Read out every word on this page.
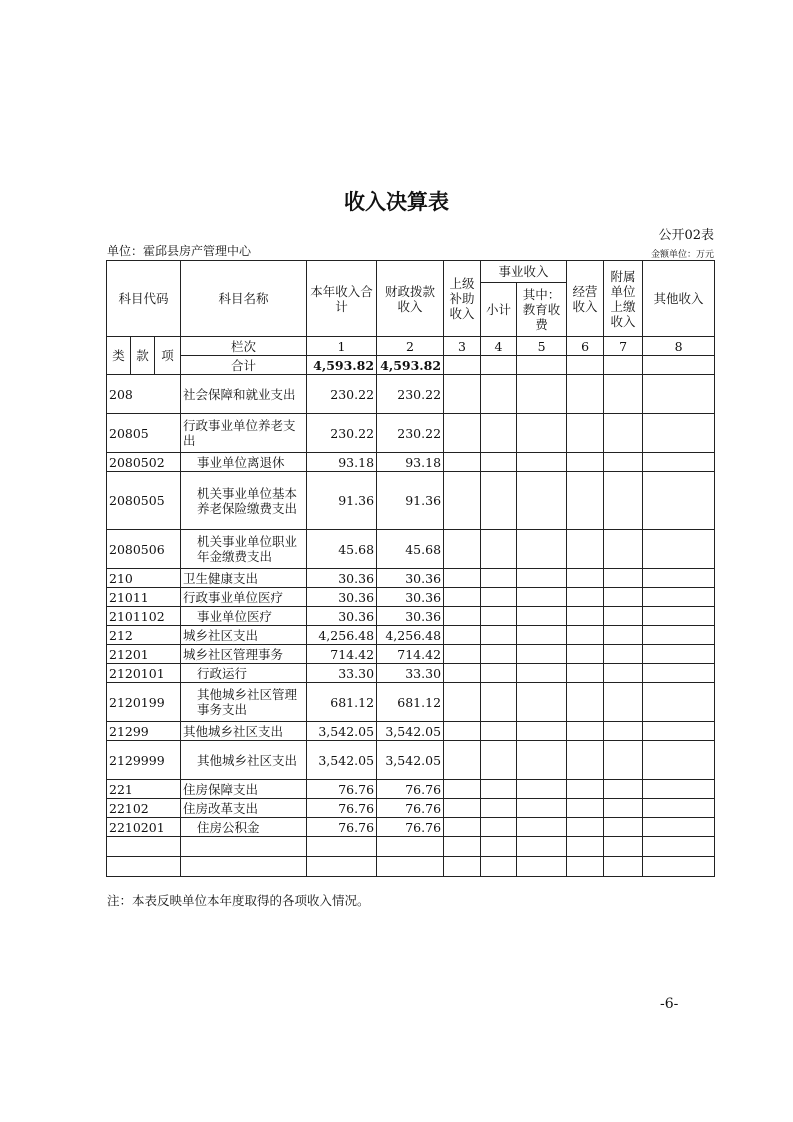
收入决算表
公开02表
单位：霍邱县房产管理中心	金额单位：万元
科目代码			科目名称	本年收入合计	财政拨款收入	上级补助收入	事业收入		经营收入	附属单位上缴收入	其他收入
							小计	其中：教育收费			

类	款	项	栏次	1	2	3	4	5	6	7	8
			合计	4,593.82	4,593.82						
208			社会保障和就业支出	230.22	230.22						
20805			行政事业单位养老支出	230.22	230.22						
2080502			事业单位离退休	93.18	93.18						
2080505			机关事业单位基本养老保险缴费支出	91.36	91.36						
2080506			机关事业单位职业年金缴费支出	45.68	45.68						
210			卫生健康支出	30.36	30.36						
21011			行政事业单位医疗	30.36	30.36						
2101102			事业单位医疗	30.36	30.36						
212			城乡社区支出	4,256.48	4,256.48						
21201			城乡社区管理事务	714.42	714.42						
2120101			行政运行	33.30	33.30						
2120199			其他城乡社区管理事务支出	681.12	681.12						
21299			其他城乡社区支出	3,542.05	3,542.05						
2129999			其他城乡社区支出	3,542.05	3,542.05						
221			住房保障支出	76.76	76.76						
22102			住房改革支出	76.76	76.76						
2210201			住房公积金	76.76	76.76						

注：本表反映单位本年度取得的各项收入情况。
-6-
